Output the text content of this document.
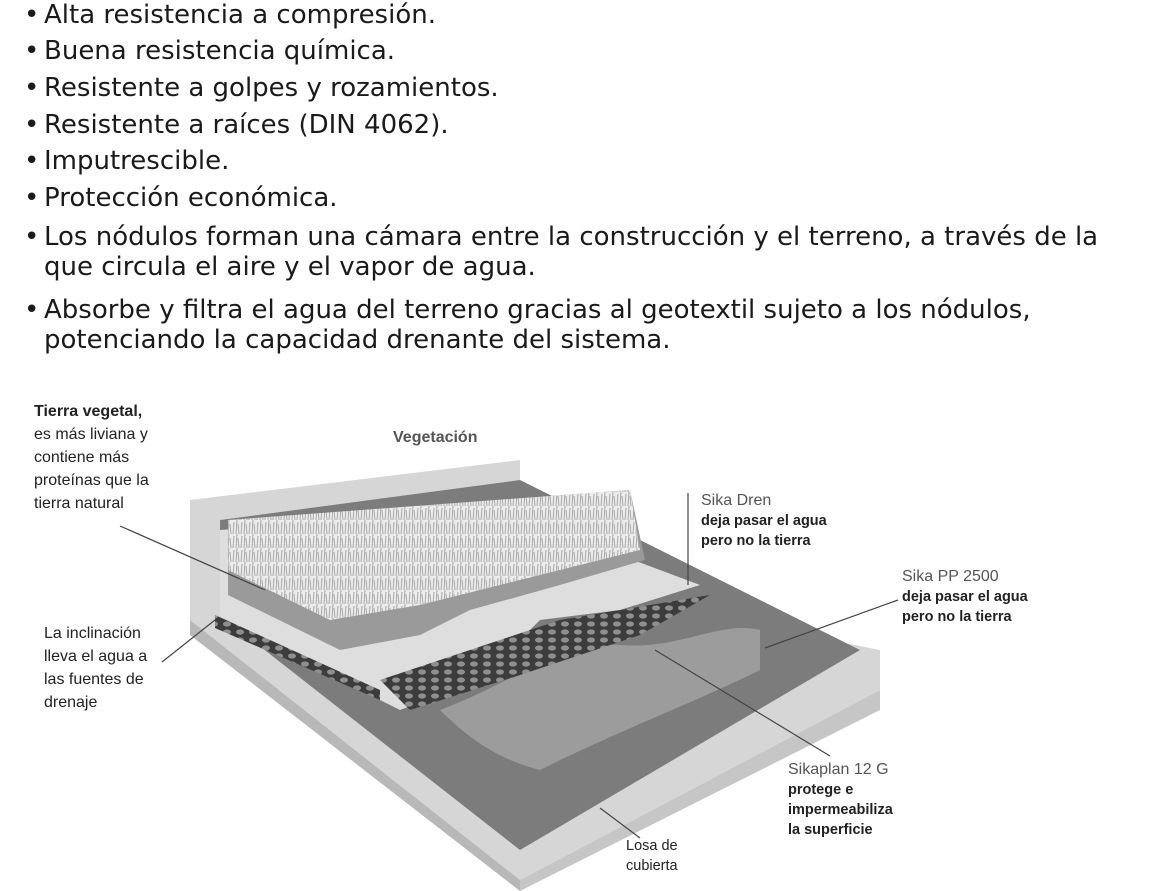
• Alta resistencia a compresión.
• Buena resistencia química.
• Resistente a golpes y rozamientos.
• Resistente a raíces (DIN 4062).
• Imputrescible.
• Protección económica.
• Los nódulos forman una cámara entre la construcción y el terreno, a través de la
que circula el aire y el vapor de agua.
• Absorbe y filtra el agua del terreno gracias al geotextil sujeto a los nódulos,
potenciando la capacidad drenante del sistema.
Tierra vegetal,
es más liviana y
contiene más
proteínas que la
tierra natural
Vegetación
La inclinación
lleva el agua a
las fuentes de
drenaje
Sika Dren
deja pasar el agua
pero no la tierra
Sika PP 2500
deja pasar el agua
pero no la tierra
Sikaplan 12 G
protege e
impermeabiliza
la superficie
Losa de
cubierta
